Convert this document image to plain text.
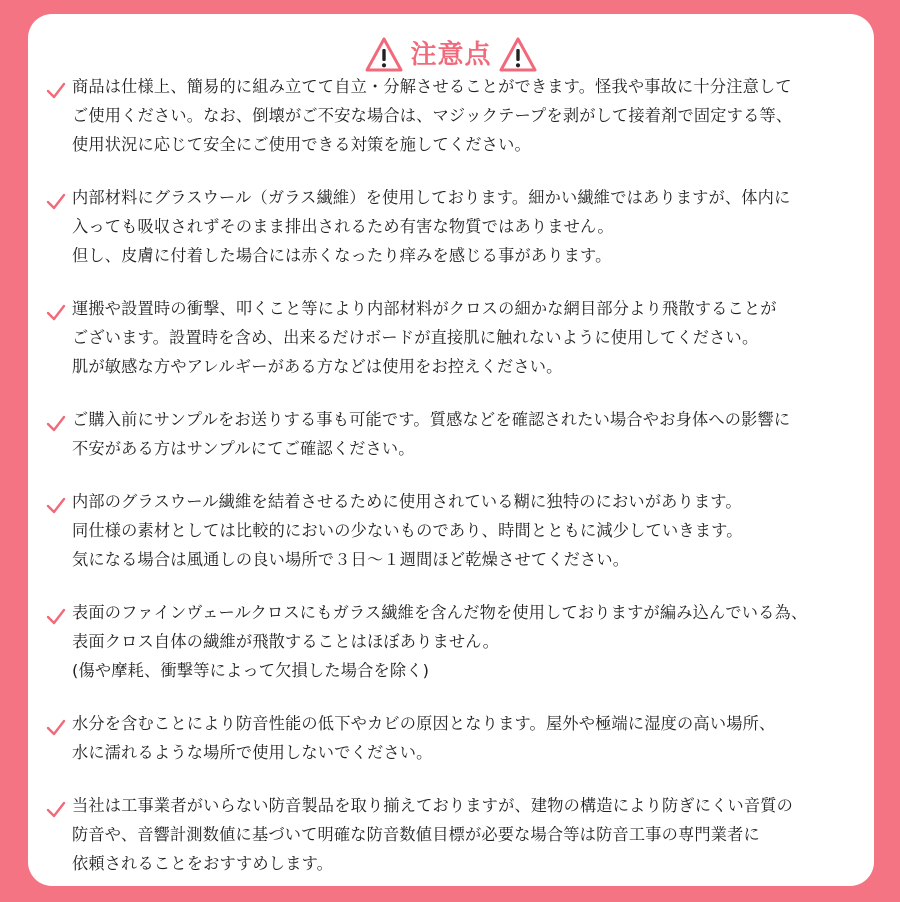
注意点
商品は仕様上、簡易的に組み立てて自立・分解させることができます。怪我や事故に十分注意して
ご使用ください。なお、倒壊がご不安な場合は、マジックテープを剥がして接着剤で固定する等、
使用状況に応じて安全にご使用できる対策を施してください。
内部材料にグラスウール（ガラス繊維）を使用しております。細かい繊維ではありますが、体内に
入っても吸収されずそのまま排出されるため有害な物質ではありません。
但し、皮膚に付着した場合には赤くなったり痒みを感じる事があります。
運搬や設置時の衝撃、叩くこと等により内部材料がクロスの細かな網目部分より飛散することが
ございます。設置時を含め、出来るだけボードが直接肌に触れないように使用してください。
肌が敏感な方やアレルギーがある方などは使用をお控えください。
ご購入前にサンプルをお送りする事も可能です。質感などを確認されたい場合やお身体への影響に
不安がある方はサンプルにてご確認ください。
内部のグラスウール繊維を結着させるために使用されている糊に独特のにおいがあります。
同仕様の素材としては比較的においの少ないものであり、時間とともに減少していきます。
気になる場合は風通しの良い場所で３日〜１週間ほど乾燥させてください。
表面のファインヴェールクロスにもガラス繊維を含んだ物を使用しておりますが編み込んでいる為、
表面クロス自体の繊維が飛散することはほぼありません。
(傷や摩耗、衝撃等によって欠損した場合を除く)
水分を含むことにより防音性能の低下やカビの原因となります。屋外や極端に湿度の高い場所、
水に濡れるような場所で使用しないでください。
当社は工事業者がいらない防音製品を取り揃えておりますが、建物の構造により防ぎにくい音質の
防音や、音響計測数値に基づいて明確な防音数値目標が必要な場合等は防音工事の専門業者に
依頼されることをおすすめします。
